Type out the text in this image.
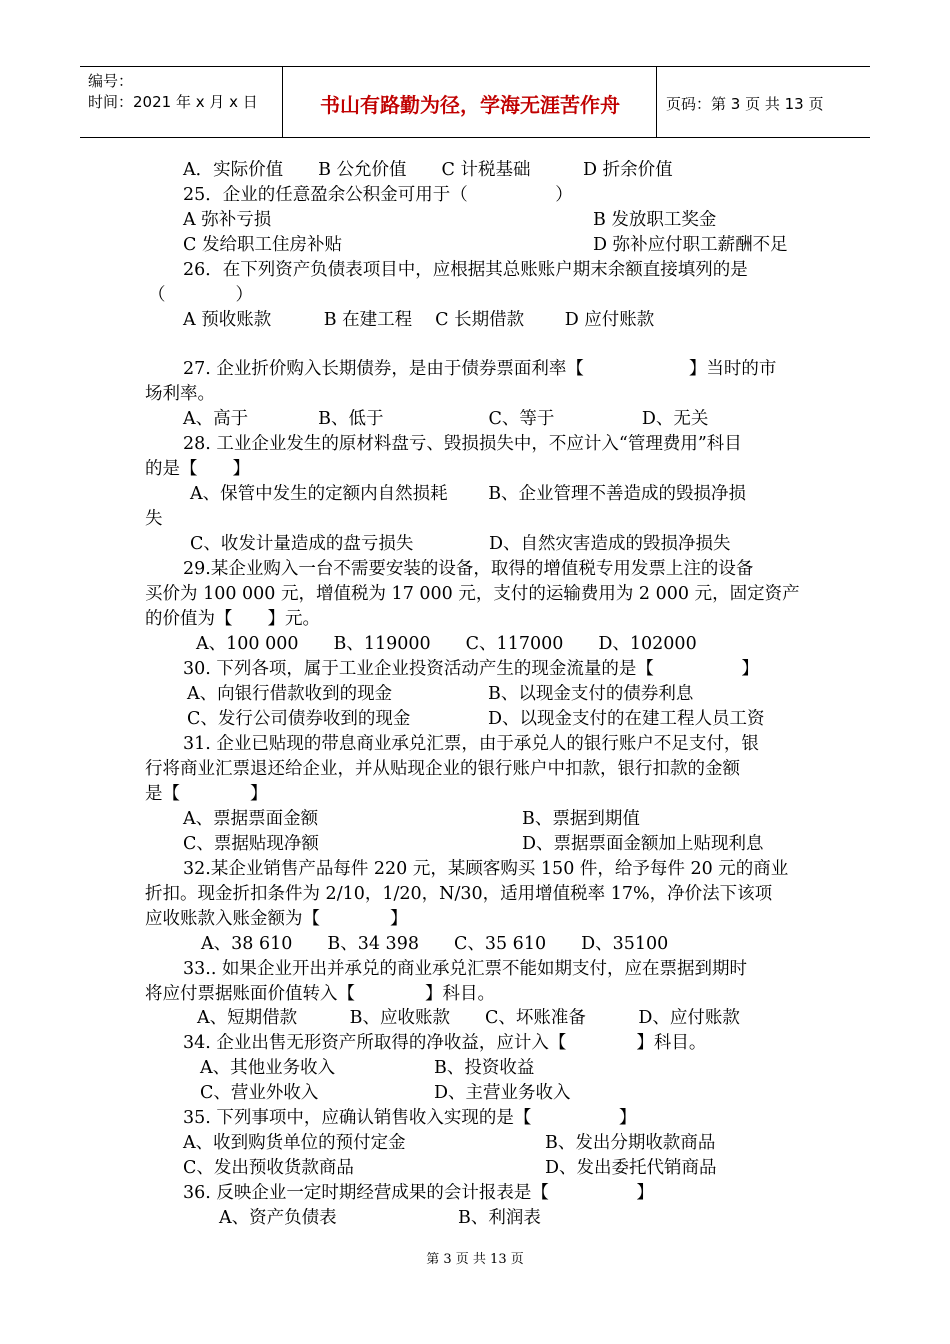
编号：
时间：2021 年 x 月 x 日	书山有路勤为径，学海无涯苦作舟	页码：第 3 页 共 13 页
A．实际价值　　B 公允价值　　C 计税基础　　　D 折余价值
25．企业的任意盈余公积金可用于（　　　　　）
A 弥补亏损	B 发放职工奖金
C 发给职工住房补贴	D 弥补应付职工薪酬不足
26．在下列资产负债表项目中，应根据其总账账户期末余额直接填列的是
（　　　　）
A 预收账款　　　B 在建工程　 C 长期借款　　 D 应付账款
27. 企业折价购入长期债券，是由于债券票面利率【　　　　　　】当时的市
场利率。
A、高于　　　　B、低于　　　　　　C、等于　　　　　D、无关
28. 工业企业发生的原材料盘亏、毁损损失中，不应计入“管理费用”科目
的是【　　】
A、保管中发生的定额内自然损耗　　 B、企业管理不善造成的毁损净损
失
C、收发计量造成的盘亏损失　　　　 D、自然灾害造成的毁损净损失
29.某企业购入一台不需要安装的设备，取得的增值税专用发票上注的设备
买价为 100 000 元，增值税为 17 000 元，支付的运输费用为 2 000 元，固定资产
的价值为【　　】元。
A、100 000　　B、119000　　C、117000　　D、102000
30. 下列各项，属于工业企业投资活动产生的现金流量的是【　　　　　】
A、向银行借款收到的现金	B、以现金支付的债券利息
C、发行公司债券收到的现金	D、以现金支付的在建工程人员工资
31. 企业已贴现的带息商业承兑汇票，由于承兑人的银行账户不足支付，银
行将商业汇票退还给企业，并从贴现企业的银行账户中扣款，银行扣款的金额
是【　　　　】
A、票据票面金额	B、票据到期值
C、票据贴现净额	D、票据票面金额加上贴现利息
32.某企业销售产品每件 220 元，某顾客购买 150 件，给予每件 20 元的商业
折扣。现金折扣条件为 2/10，1/20，N/30，适用增值税率 17%，净价法下该项
应收账款入账金额为【　　　　】
A、38 610　　B、34 398　　C、35 610　　D、35100
33.. 如果企业开出并承兑的商业承兑汇票不能如期支付，应在票据到期时
将应付票据账面价值转入【　　　　】科目。
A、短期借款　　　B、应收账款　　C、坏账准备　　　D、应付账款
34. 企业出售无形资产所取得的净收益，应计入【　　　　】科目。
A、其他业务收入	B、投资收益
C、营业外收入	D、主营业务收入
35. 下列事项中，应确认销售收入实现的是【　　　　　】
A、收到购货单位的预付定金	B、发出分期收款商品
C、发出预收货款商品	D、发出委托代销商品
36. 反映企业一定时期经营成果的会计报表是【　　　　　】
A、资产负债表	B、利润表
第 3 页 共 13 页
